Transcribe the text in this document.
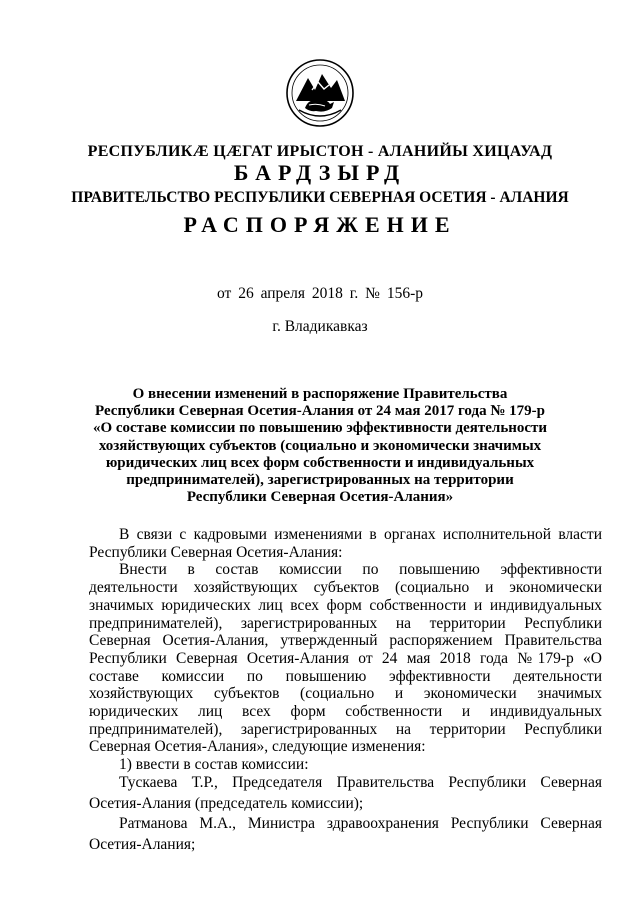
РЕСПУБЛИКÆ ЦÆГАТ ИРЫСТОН - АЛАНИЙЫ ХИЦАУАД
БАРДЗЫРД
ПРАВИТЕЛЬСТВО РЕСПУБЛИКИ СЕВЕРНАЯ ОСЕТИЯ - АЛАНИЯ
РАСПОРЯЖЕНИЕ
от 26 апреля 2018 г. № 156-р
г. Владикавказ
О внесении изменений в распоряжение Правительства
Республики Северная Осетия-Алания от 24 мая 2017 года № 179-р
«О составе комиссии по повышению эффективности деятельности
хозяйствующих субъектов (социально и экономически значимых
юридических лиц всех форм собственности и индивидуальных
предпринимателей), зарегистрированных на территории
Республики Северная Осетия-Алания»
В связи с кадровыми изменениями в органах исполнительной власти
Республики Северная Осетия-Алания:
Внести в состав комиссии по повышению эффективности
деятельности хозяйствующих субъектов (социально и экономически
значимых юридических лиц всех форм собственности и индивидуальных
предпринимателей), зарегистрированных на территории Республики
Северная Осетия-Алания, утвержденный распоряжением Правительства
Республики Северная Осетия-Алания от 24 мая 2018 года №179-р «О
составе комиссии по повышению эффективности деятельности
хозяйствующих субъектов (социально и экономически значимых
юридических лиц всех форм собственности и индивидуальных
предпринимателей), зарегистрированных на территории Республики
Северная Осетия-Алания», следующие изменения:
1) ввести в состав комиссии:
Тускаева Т.Р., Председателя Правительства Республики Северная
Осетия-Алания (председатель комиссии);
Ратманова М.А., Министра здравоохранения Республики Северная
Осетия-Алания;
